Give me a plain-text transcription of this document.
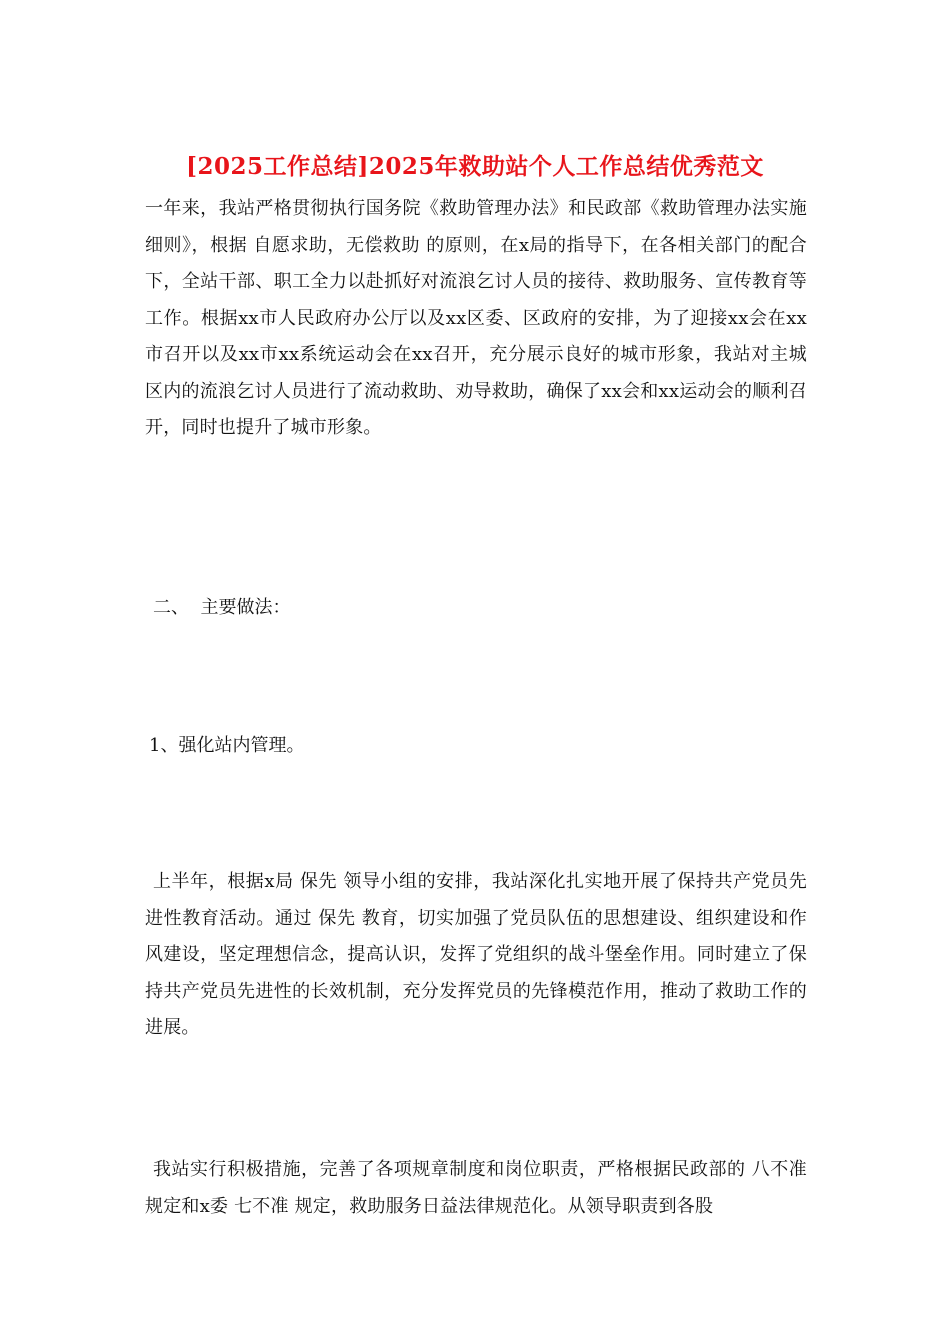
[2025工作总结]2025年救助站个人工作总结优秀范文
一年来，我站严格贯彻执行国务院《救助管理办法》和民政部《救助管理办法实施细则》，根据 自愿求助，无偿救助 的原则，在x局的指导下，在各相关部门的配合下，全站干部、职工全力以赴抓好对流浪乞讨人员的接待、救助服务、宣传教育等工作。根据xx市人民政府办公厅以及xx区委、区政府的安排，为了迎接xx会在xx市召开以及xx市xx系统运动会在xx召开，充分展示良好的城市形象，我站对主城区内的流浪乞讨人员进行了流动救助、劝导救助，确保了xx会和xx运动会的顺利召开，同时也提升了城市形象。
二、  主要做法：
1、强化站内管理。
上半年，根据x局 保先 领导小组的安排，我站深化扎实地开展了保持共产党员先进性教育活动。通过 保先 教育，切实加强了党员队伍的思想建设、组织建设和作风建设，坚定理想信念，提高认识，发挥了党组织的战斗堡垒作用。同时建立了保持共产党员先进性的长效机制，充分发挥党员的先锋模范作用，推动了救助工作的进展。
我站实行积极措施，完善了各项规章制度和岗位职责，严格根据民政部的 八不准 规定和x委 七不准 规定，救助服务日益法律规范化。从领导职责到各股
